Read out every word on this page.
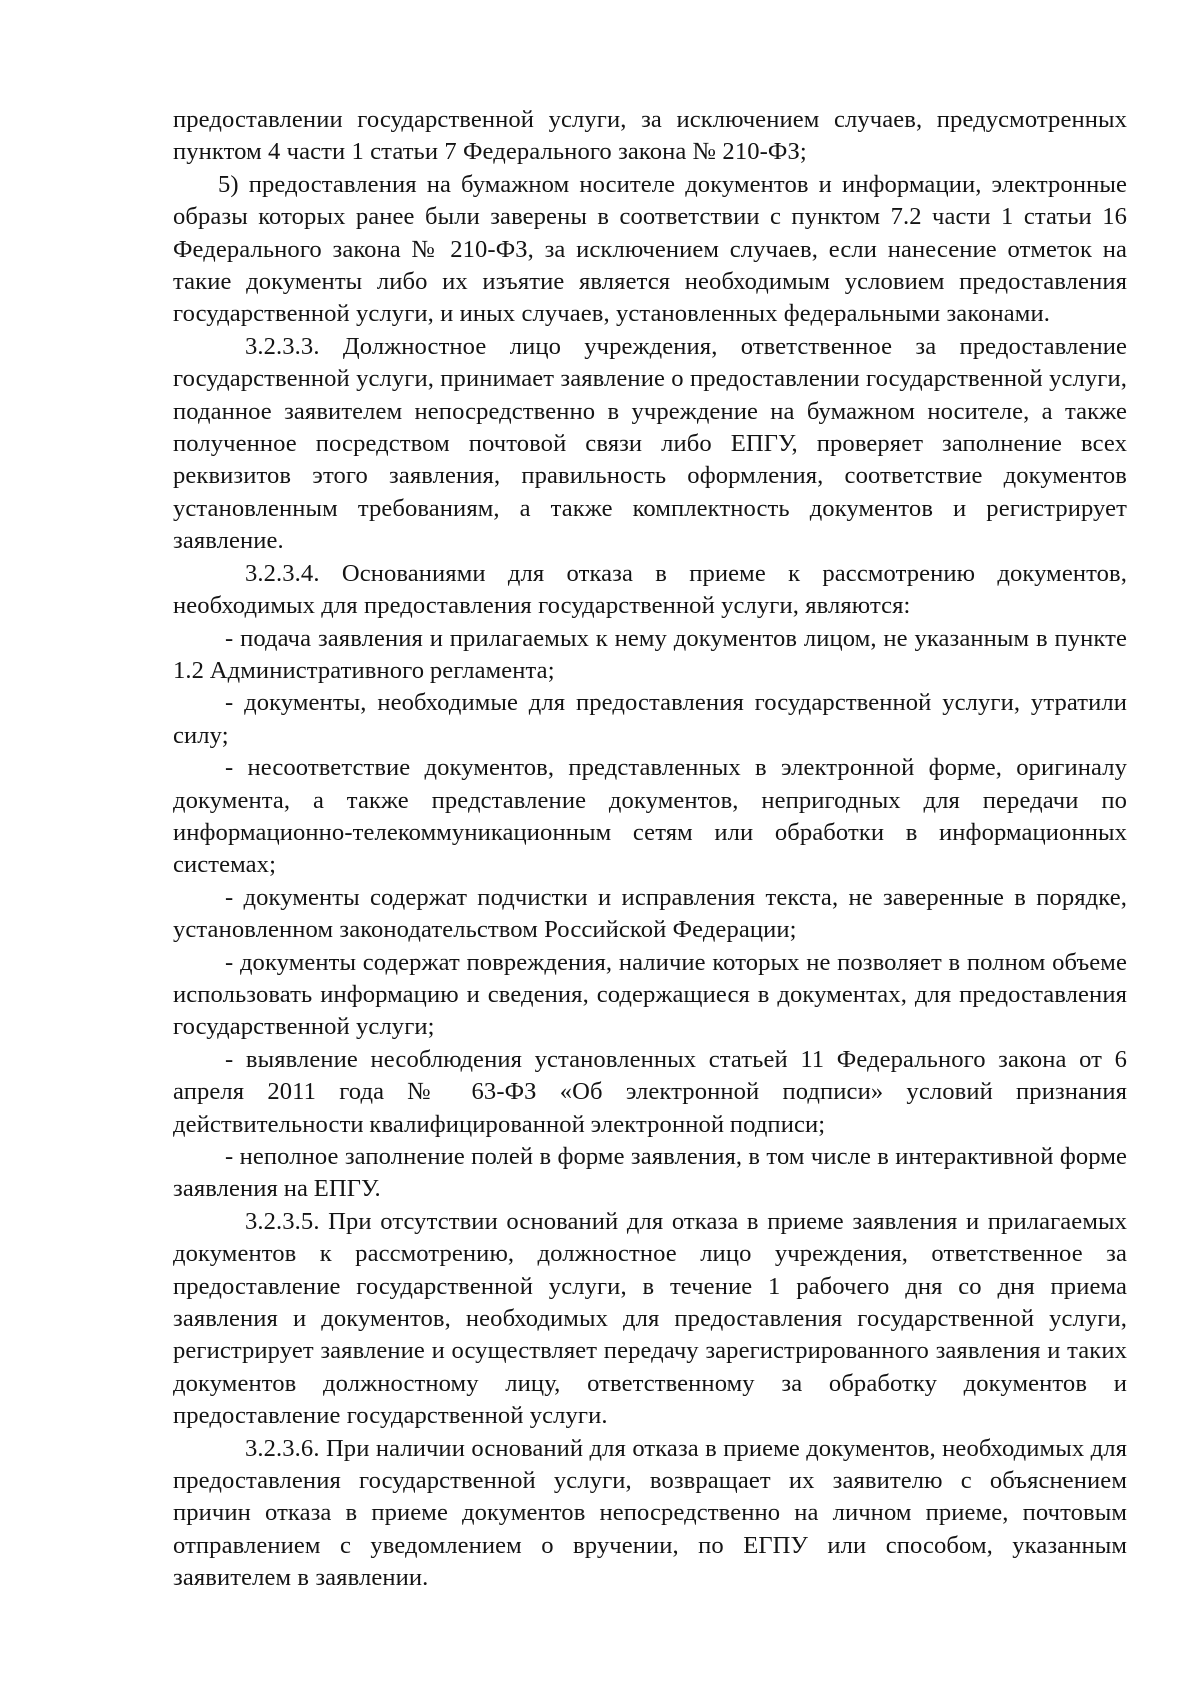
предоставлении государственной услуги, за исключением случаев, предусмотренных пунктом 4 части 1 статьи 7 Федерального закона № 210-ФЗ;

5) предоставления на бумажном носителе документов и информации, электронные образы которых ранее были заверены в соответствии с пунктом 7.2 части 1 статьи 16 Федерального закона № 210-ФЗ, за исключением случаев, если нанесение отметок на такие документы либо их изъятие является необходимым условием предоставления государственной услуги, и иных случаев, установленных федеральными законами.

3.2.3.3. Должностное лицо учреждения, ответственное за предоставление государственной услуги, принимает заявление о предоставлении государственной услуги, поданное заявителем непосредственно в учреждение на бумажном носителе, а также полученное посредством почтовой связи либо ЕПГУ, проверяет заполнение всех реквизитов этого заявления, правильность оформления, соответствие документов установленным требованиям, а также комплектность документов и регистрирует заявление.

3.2.3.4. Основаниями для отказа в приеме к рассмотрению документов, необходимых для предоставления государственной услуги, являются:

- подача заявления и прилагаемых к нему документов лицом, не указанным в пункте 1.2 Административного регламента;

- документы, необходимые для предоставления государственной услуги, утратили силу;

- несоответствие документов, представленных в электронной форме, оригиналу документа, а также представление документов, непригодных для передачи по информационно-телекоммуникационным сетям или обработки в информационных системах;

- документы содержат подчистки и исправления текста, не заверенные в порядке, установленном законодательством Российской Федерации;

- документы содержат повреждения, наличие которых не позволяет в полном объеме использовать информацию и сведения, содержащиеся в документах, для предоставления государственной услуги;

- выявление несоблюдения установленных статьей 11 Федерального закона от 6 апреля 2011 года № 63-ФЗ «Об электронной подписи» условий признания действительности квалифицированной электронной подписи;

- неполное заполнение полей в форме заявления, в том числе в интерактивной форме заявления на ЕПГУ.

3.2.3.5. При отсутствии оснований для отказа в приеме заявления и прилагаемых документов к рассмотрению, должностное лицо учреждения, ответственное за предоставление государственной услуги, в течение 1 рабочего дня со дня приема заявления и документов, необходимых для предоставления государственной услуги, регистрирует заявление и осуществляет передачу зарегистрированного заявления и таких документов должностному лицу, ответственному за обработку документов и предоставление государственной услуги.

3.2.3.6. При наличии оснований для отказа в приеме документов, необходимых для предоставления государственной услуги, возвращает их заявителю с объяснением причин отказа в приеме документов непосредственно на личном приеме, почтовым отправлением с уведомлением о вручении, по ЕГПУ или способом, указанным заявителем в заявлении.
